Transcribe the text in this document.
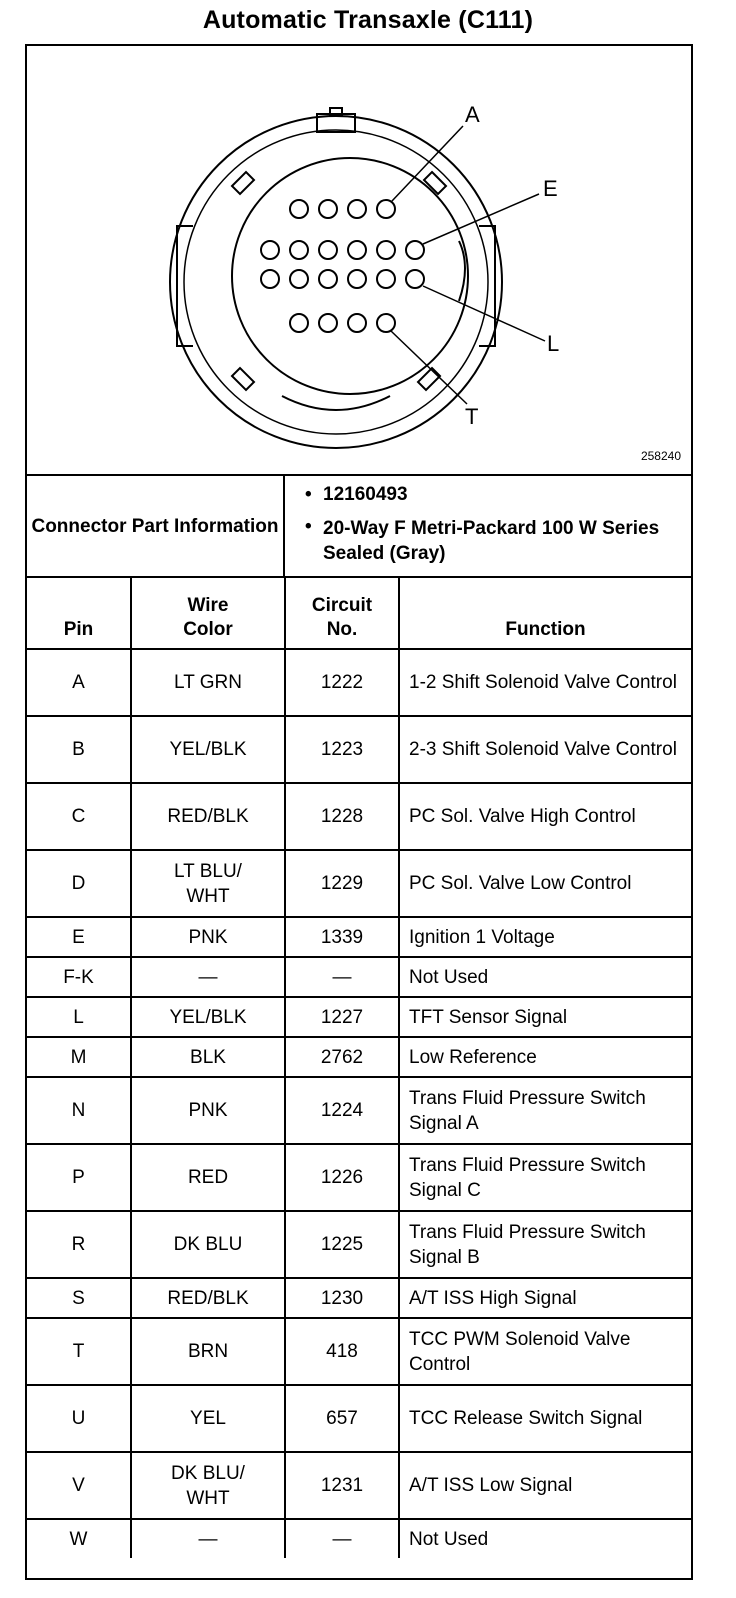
Automatic Transaxle (C111)
A
E
L
T
258240
Connector Part Information
• 12160493
• 20-Way F Metri-Packard 100 W Series Sealed (Gray)
Pin	Wire Color	Circuit No.	Function
A	LT GRN	1222	1-2 Shift Solenoid Valve Control
B	YEL/BLK	1223	2-3 Shift Solenoid Valve Control
C	RED/BLK	1228	PC Sol. Valve High Control
D	LT BLU/ WHT	1229	PC Sol. Valve Low Control
E	PNK	1339	Ignition 1 Voltage
F-K	—	—	Not Used
L	YEL/BLK	1227	TFT Sensor Signal
M	BLK	2762	Low Reference
N	PNK	1224	Trans Fluid Pressure Switch Signal A
P	RED	1226	Trans Fluid Pressure Switch Signal C
R	DK BLU	1225	Trans Fluid Pressure Switch Signal B
S	RED/BLK	1230	A/T ISS High Signal
T	BRN	418	TCC PWM Solenoid Valve Control
U	YEL	657	TCC Release Switch Signal
V	DK BLU/ WHT	1231	A/T ISS Low Signal
W	—	—	Not Used
